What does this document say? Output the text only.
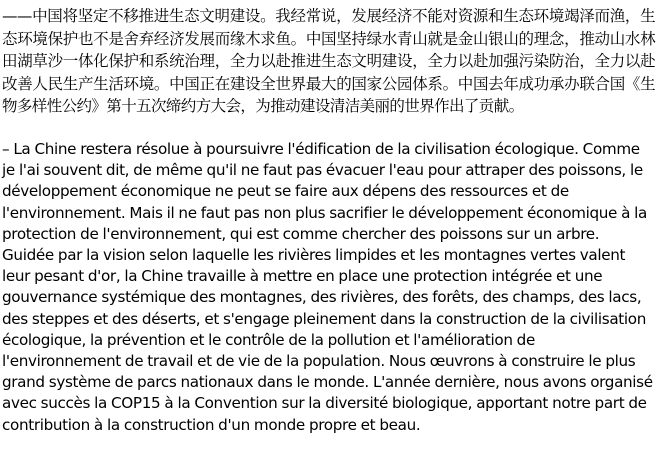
——中国将坚定不移推进生态文明建设。我经常说，发展经济不能对资源和生态环境竭泽而渔，生态环境保护也不是舍弃经济发展而缘木求鱼。中国坚持绿水青山就是金山银山的理念，推动山水林田湖草沙一体化保护和系统治理，全力以赴推进生态文明建设，全力以赴加强污染防治，全力以赴改善人民生产生活环境。中国正在建设全世界最大的国家公园体系。中国去年成功承办联合国《生物多样性公约》第十五次缔约方大会，为推动建设清洁美丽的世界作出了贡献。

– La Chine restera résolue à poursuivre l'édification de la civilisation écologique. Comme je l'ai souvent dit, de même qu'il ne faut pas évacuer l'eau pour attraper des poissons, le développement économique ne peut se faire aux dépens des ressources et de l'environnement. Mais il ne faut pas non plus sacrifier le développement économique à la protection de l'environnement, qui est comme chercher des poissons sur un arbre. Guidée par la vision selon laquelle les rivières limpides et les montagnes vertes valent leur pesant d'or, la Chine travaille à mettre en place une protection intégrée et une gouvernance systémique des montagnes, des rivières, des forêts, des champs, des lacs, des steppes et des déserts, et s'engage pleinement dans la construction de la civilisation écologique, la prévention et le contrôle de la pollution et l'amélioration de l'environnement de travail et de vie de la population. Nous œuvrons à construire le plus grand système de parcs nationaux dans le monde. L'année dernière, nous avons organisé avec succès la COP15 à la Convention sur la diversité biologique, apportant notre part de contribution à la construction d'un monde propre et beau.
